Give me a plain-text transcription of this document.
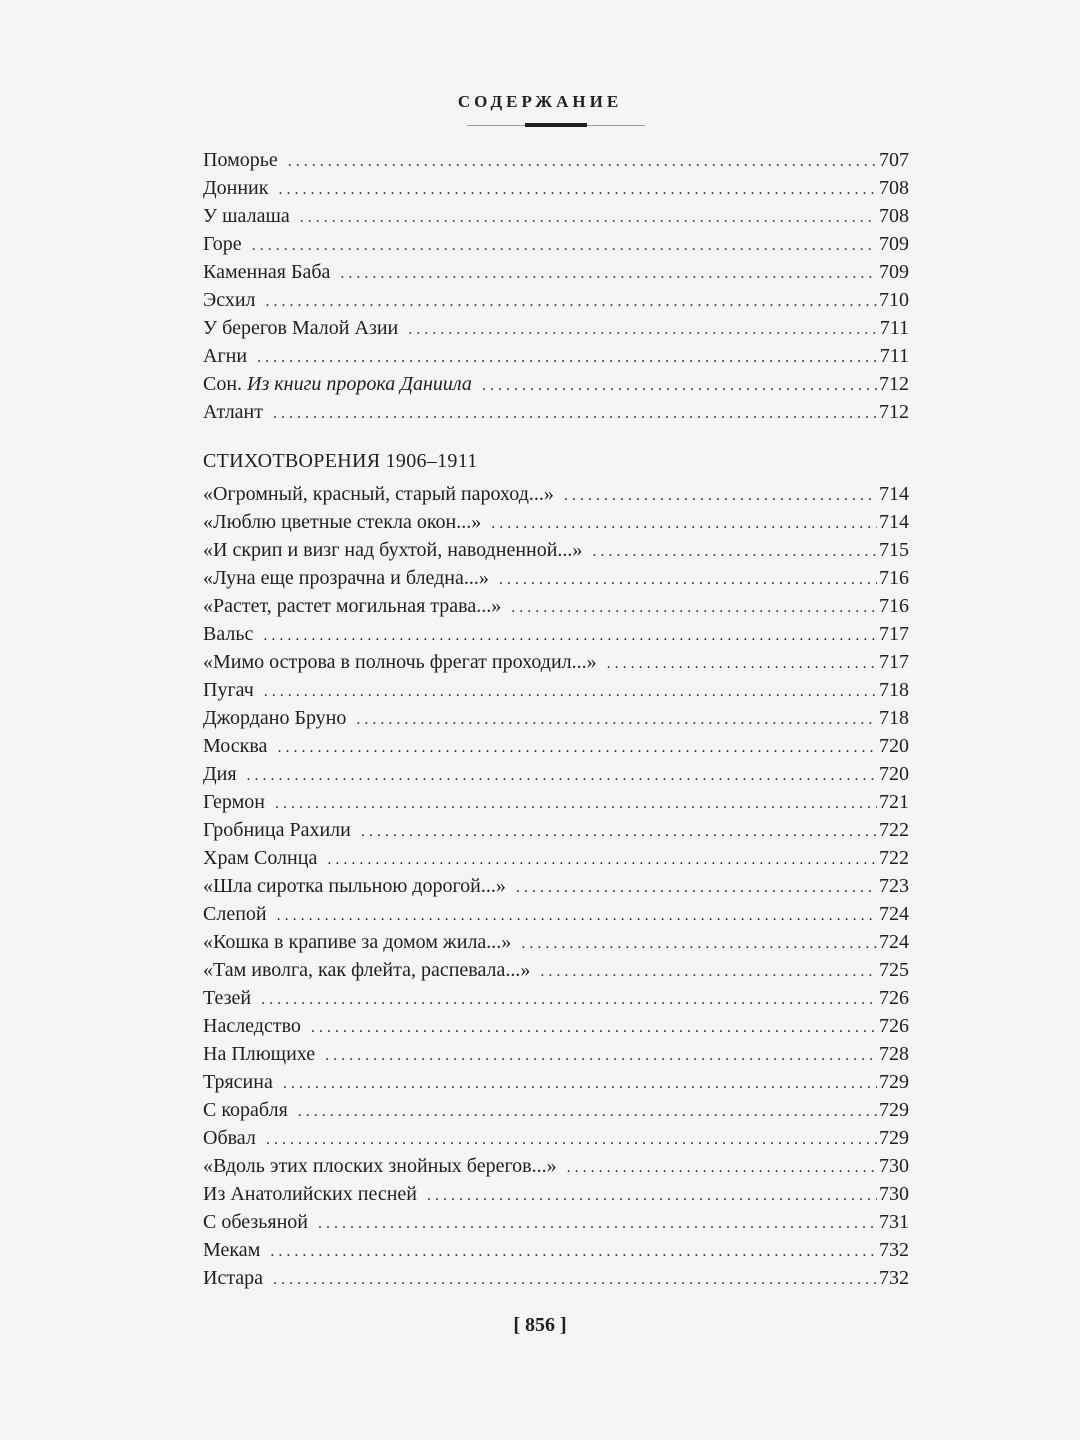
СОДЕРЖАНИЕ
Поморье . . .	707
Донник . . .	708
У шалаша . . .	708
Горе . . .	709
Каменная Баба . . .	709
Эсхил . . .	710
У берегов Малой Азии . . .	711
Агни . . .	711
Сон. Из книги пророка Даниила . . .	712
Атлант . . .	712
СТИХОТВОРЕНИЯ 1906–1911
«Огромный, красный, старый пароход...» . . .	714
«Люблю цветные стекла окон...» . . .	714
«И скрип и визг над бухтой, наводненной...» . . .	715
«Луна еще прозрачна и бледна...» . . .	716
«Растет, растет могильная трава...» . . .	716
Вальс . . .	717
«Мимо острова в полночь фрегат проходил...» . . .	717
Пугач . . .	718
Джордано Бруно . . .	718
Москва . . .	720
Дия . . .	720
Гермон . . .	721
Гробница Рахили . . .	722
Храм Солнца . . .	722
«Шла сиротка пыльною дорогой...» . . .	723
Слепой . . .	724
«Кошка в крапиве за домом жила...» . . .	724
«Там иволга, как флейта, распевала...» . . .	725
Тезей . . .	726
Наследство . . .	726
На Плющихе . . .	728
Трясина . . .	729
С корабля . . .	729
Обвал . . .	729
«Вдоль этих плоских знойных берегов...» . . .	730
Из Анатолийских песней . . .	730
С обезьяной . . .	731
Мекам . . .	732
Истара . . .	732
[ 856 ]
